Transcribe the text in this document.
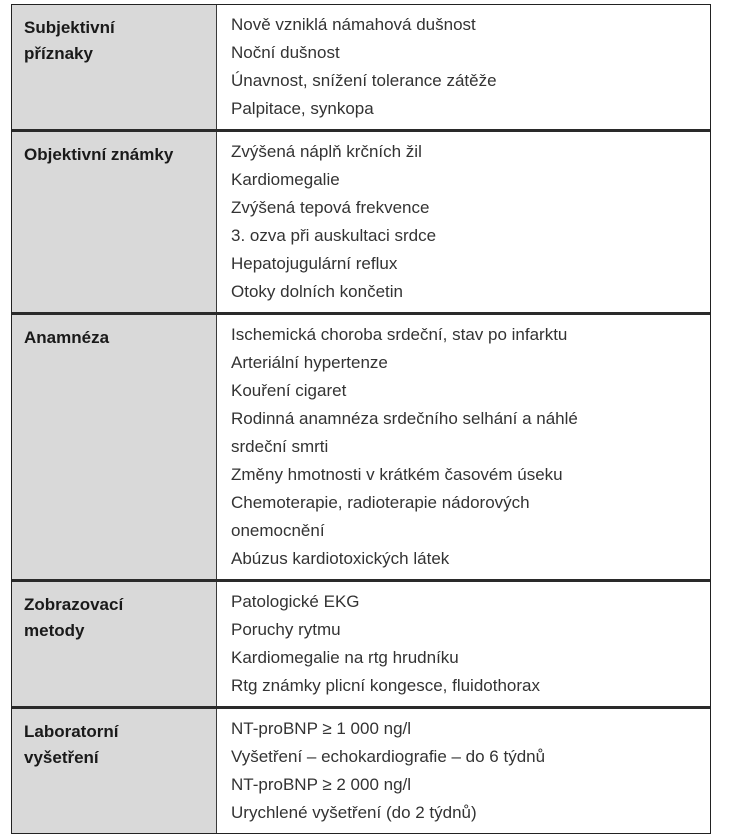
Subjektivní
příznaky
Nově vzniklá námahová dušnost
Noční dušnost
Únavnost, snížení tolerance zátěže
Palpitace, synkopa
Objektivní známky	Zvýšená náplň krčních žil
Kardiomegalie
Zvýšená tepová frekvence
3. ozva při auskultaci srdce
Hepatojugulární reflux
Otoky dolních končetin
Anamnéza	Ischemická choroba srdeční, stav po infarktu
Arteriální hypertenze
Kouření cigaret
Rodinná anamnéza srdečního selhání a náhlé
srdeční smrti
Změny hmotnosti v krátkém časovém úseku
Chemoterapie, radioterapie nádorových
onemocnění
Abúzus kardiotoxických látek
Zobrazovací
metody
Patologické EKG
Poruchy rytmu
Kardiomegalie na rtg hrudníku
Rtg známky plicní kongesce, fluidothorax
Laboratorní
vyšetření
NT-proBNP ≥ 1 000 ng/l
Vyšetření – echokardiografie – do 6 týdnů
NT-proBNP ≥ 2 000 ng/l
Urychlené vyšetření (do 2 týdnů)
